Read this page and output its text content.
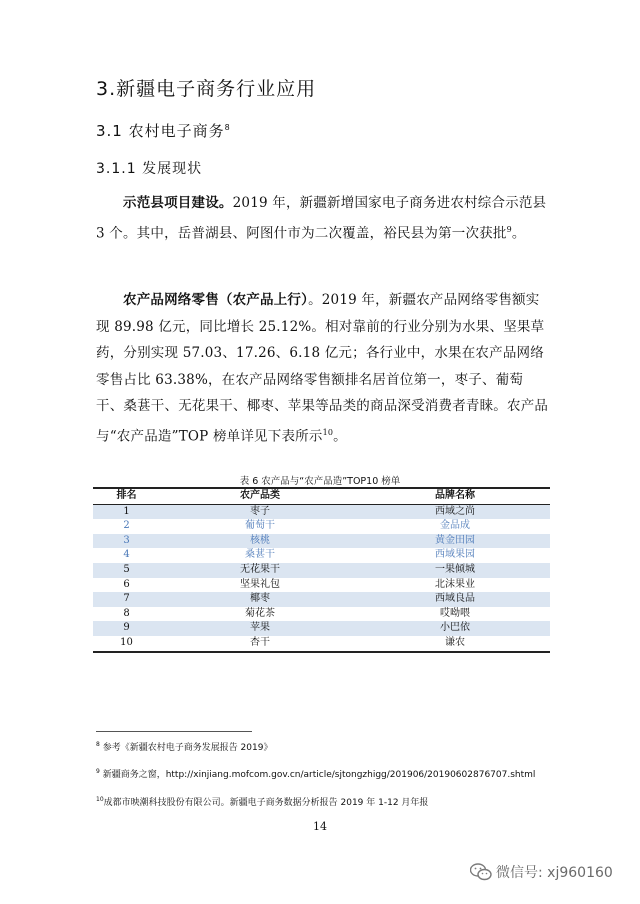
3.新疆电子商务行业应用
3.1 农村电子商务$^8$
3.1.1 发展现状
示范县项目建设。2019 年，新疆新增国家电子商务进农村综合示范县 3 个。其中，岳普湖县、阿图什市为二次覆盖，裕民县为第一次获批$^9$。
农产品网络零售（农产品上行）。2019 年，新疆农产品网络零售额实现 89.98 亿元，同比增长 25.12%。相对靠前的行业分别为水果、坚果草药，分别实现 57.03、17.26、6.18 亿元；各行业中，水果在农产品网络零售占比 63.38%，在农产品网络零售额排名居首位第一，枣子、葡萄干、桑葚干、无花果干、椰枣、苹果等品类的商品深受消费者青睐。农产品与“农产品造”TOP 榜单详见下表所示$^{10}$。
表 6 农产品与“农产品造”TOP10 榜单
排名	农产品类	品牌名称
1	枣子	西域之尚
2	葡萄干	金品成
3	核桃	黄金田园
4	桑葚干	西域果园
5	无花果干	一果倾城
6	坚果礼包	北沫果业
7	椰枣	西域良品
8	菊花茶	哎呦喂
9	苹果	小巴依
10	杏干	谦农
$^8$ 参考《新疆农村电子商务发展报告 2019》
$^9$ 新疆商务之窗，http://xinjiang.mofcom.gov.cn/article/sjtongzhigg/201906/20190602876707.shtml
$^{10}$成都市映潮科技股份有限公司。新疆电子商务数据分析报告 2019 年 1-12 月年报
14
微信号: xj960160
